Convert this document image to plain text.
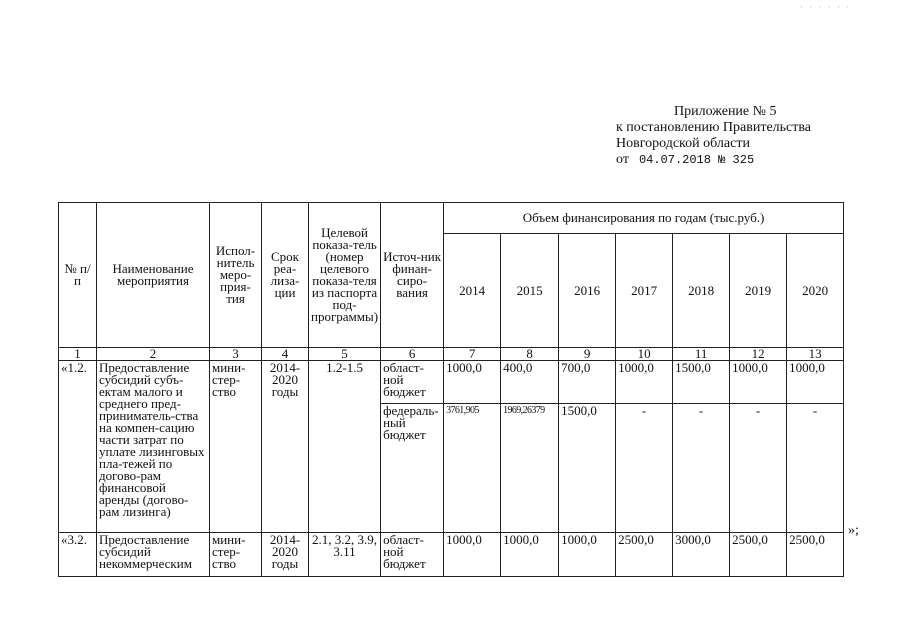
· · · · · ·
Приложение № 5
к постановлению Правительства
Новгородской области
от 04.07.2018 № 325
№ п/п	Наименование мероприятия	Испол-нитель меро-прия-тия	Срок реа-лиза-ции	Целевой показа-тель (номер целевого показа-теля из паспорта под-программы)	Источ-ник финан-сиро-вания	Объем финансирования по годам (тыс.руб.)						
						2014	2015	2016	2017	2018	2019	2020
1	2	3	4	5	6	7	8	9	10	11	12	13
«1.2.	Предоставление субсидий субъ-ектам малого и среднего пред-приниматель-ства на компен-сацию части затрат по уплате лизинговых пла-тежей по догово-рам финансовой аренды (догово-рам лизинга)	мини-стер-ство	2014-2020 годы	1.2-1.5	област-ной бюджет	1000,0	400,0	700,0	1000,0	1500,0	1000,0	1000,0
					федераль-ный бюджет	3761,905	1969,26379	1500,0	-	-	-	-
«3.2.	Предоставление субсидий некоммерческим	мини-стер-ство	2014-2020 годы	2.1, 3.2, 3.9, 3.11	област-ной бюджет	1000,0	1000,0	1000,0	2500,0	3000,0	2500,0	2500,0
»;
